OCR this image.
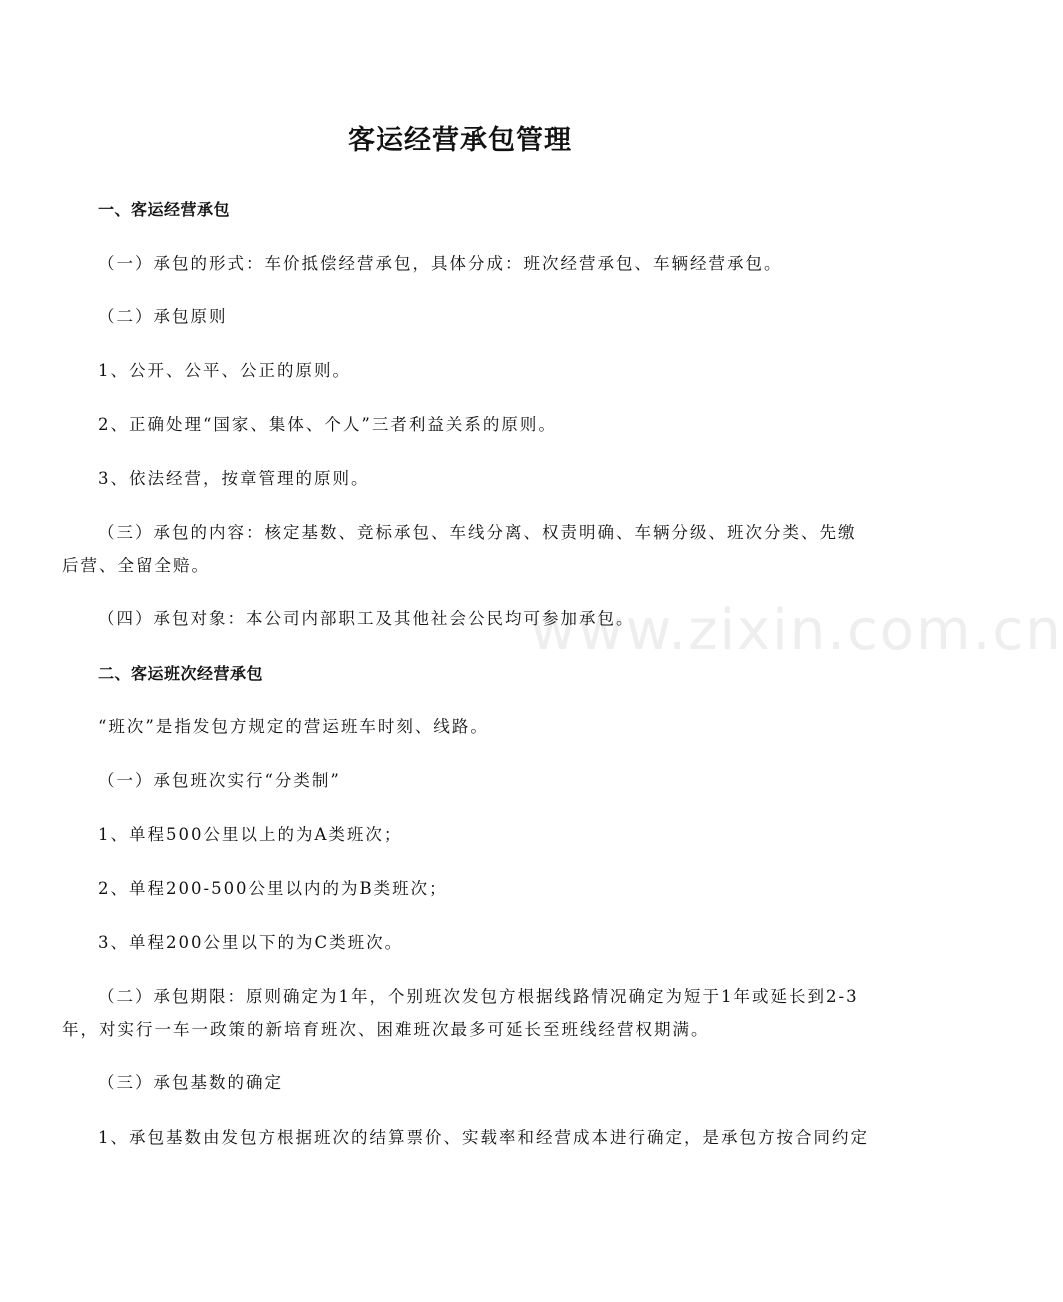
www.zixin.com.cn
客运经营承包管理
一、客运经营承包
（一）承包的形式：车价抵偿经营承包，具体分成：班次经营承包、车辆经营承包。
（二）承包原则
1、公开、公平、公正的原则。
2、正确处理“国家、集体、个人”三者利益关系的原则。
3、依法经营，按章管理的原则。
（三）承包的内容：核定基数、竞标承包、车线分离、权责明确、车辆分级、班次分类、先缴
后营、全留全赔。
（四）承包对象：本公司内部职工及其他社会公民均可参加承包。
二、客运班次经营承包
“班次”是指发包方规定的营运班车时刻、线路。
（一）承包班次实行“分类制”
1、单程500公里以上的为A类班次；
2、单程200-500公里以内的为B类班次；
3、单程200公里以下的为C类班次。
（二）承包期限：原则确定为1年，个别班次发包方根据线路情况确定为短于1年或延长到2-3
年，对实行一车一政策的新培育班次、困难班次最多可延长至班线经营权期满。
（三）承包基数的确定
1、承包基数由发包方根据班次的结算票价、实载率和经营成本进行确定，是承包方按合同约定
